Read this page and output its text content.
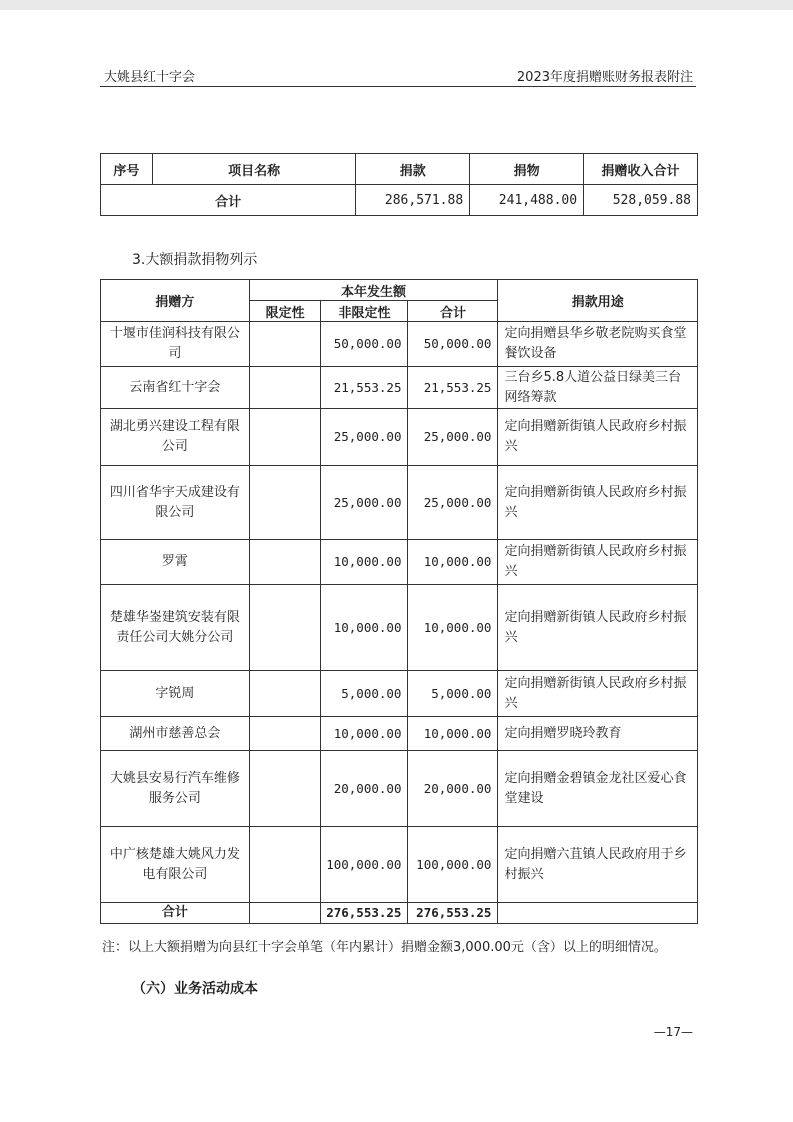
大姚县红十字会	2023年度捐赠账财务报表附注
序号	项目名称	捐款	捐物	捐赠收入合计
合计		286,571.88	241,488.00	528,059.88
3.大额捐款捐物列示
捐赠方	本年发生额			捐款用途
	限定性	非限定性	合计	
十堰市佳润科技有限公司		50,000.00	50,000.00	定向捐赠县华乡敬老院购买食堂餐饮设备
云南省红十字会		21,553.25	21,553.25	三台乡5.8人道公益日绿美三台网络筹款
湖北勇兴建设工程有限公司		25,000.00	25,000.00	定向捐赠新街镇人民政府乡村振兴
四川省华宇天成建设有限公司		25,000.00	25,000.00	定向捐赠新街镇人民政府乡村振兴
罗霄		10,000.00	10,000.00	定向捐赠新街镇人民政府乡村振兴
楚雄华崟建筑安装有限责任公司大姚分公司		10,000.00	10,000.00	定向捐赠新街镇人民政府乡村振兴
字锐周		5,000.00	5,000.00	定向捐赠新街镇人民政府乡村振兴
湖州市慈善总会		10,000.00	10,000.00	定向捐赠罗晓玲教育
大姚县安易行汽车维修服务公司		20,000.00	20,000.00	定向捐赠金碧镇金龙社区爱心食堂建设
中广核楚雄大姚风力发电有限公司		100,000.00	100,000.00	定向捐赠六苴镇人民政府用于乡村振兴
合计		276,553.25	276,553.25	
注：以上大额捐赠为向县红十字会单笔（年内累计）捐赠金额3,000.00元（含）以上的明细情况。
（六）业务活动成本
—17—
